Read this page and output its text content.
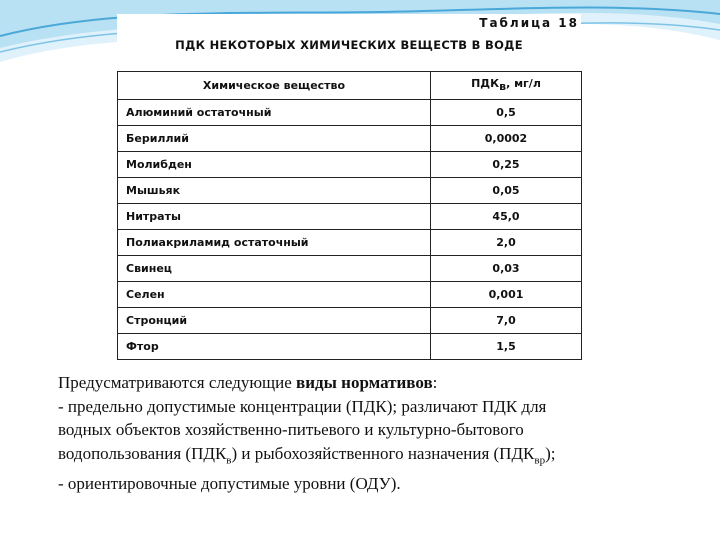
Таблица 18
ПДК НЕКОТОРЫХ ХИМИЧЕСКИХ ВЕЩЕСТВ В ВОДЕ
Химическое вещество	$ПДК_в$, мг/л
Алюминий остаточный	0,5
Бериллий	0,0002
Молибден	0,25
Мышьяк	0,05
Нитраты	45,0
Полиакриламид остаточный	2,0
Свинец	0,03
Селен	0,001
Стронций	7,0
Фтор	1,5

Предусматриваются следующие виды нормативов:

- предельно допустимые концентрации (ПДК); различают ПДК для

водных объектов хозяйственно-питьевого и культурно-бытового

водопользования $(ПДК_в)$ и рыбохозяйственного назначения $(ПДК_{вр})$;

- ориентировочные допустимые уровни (ОДУ).
